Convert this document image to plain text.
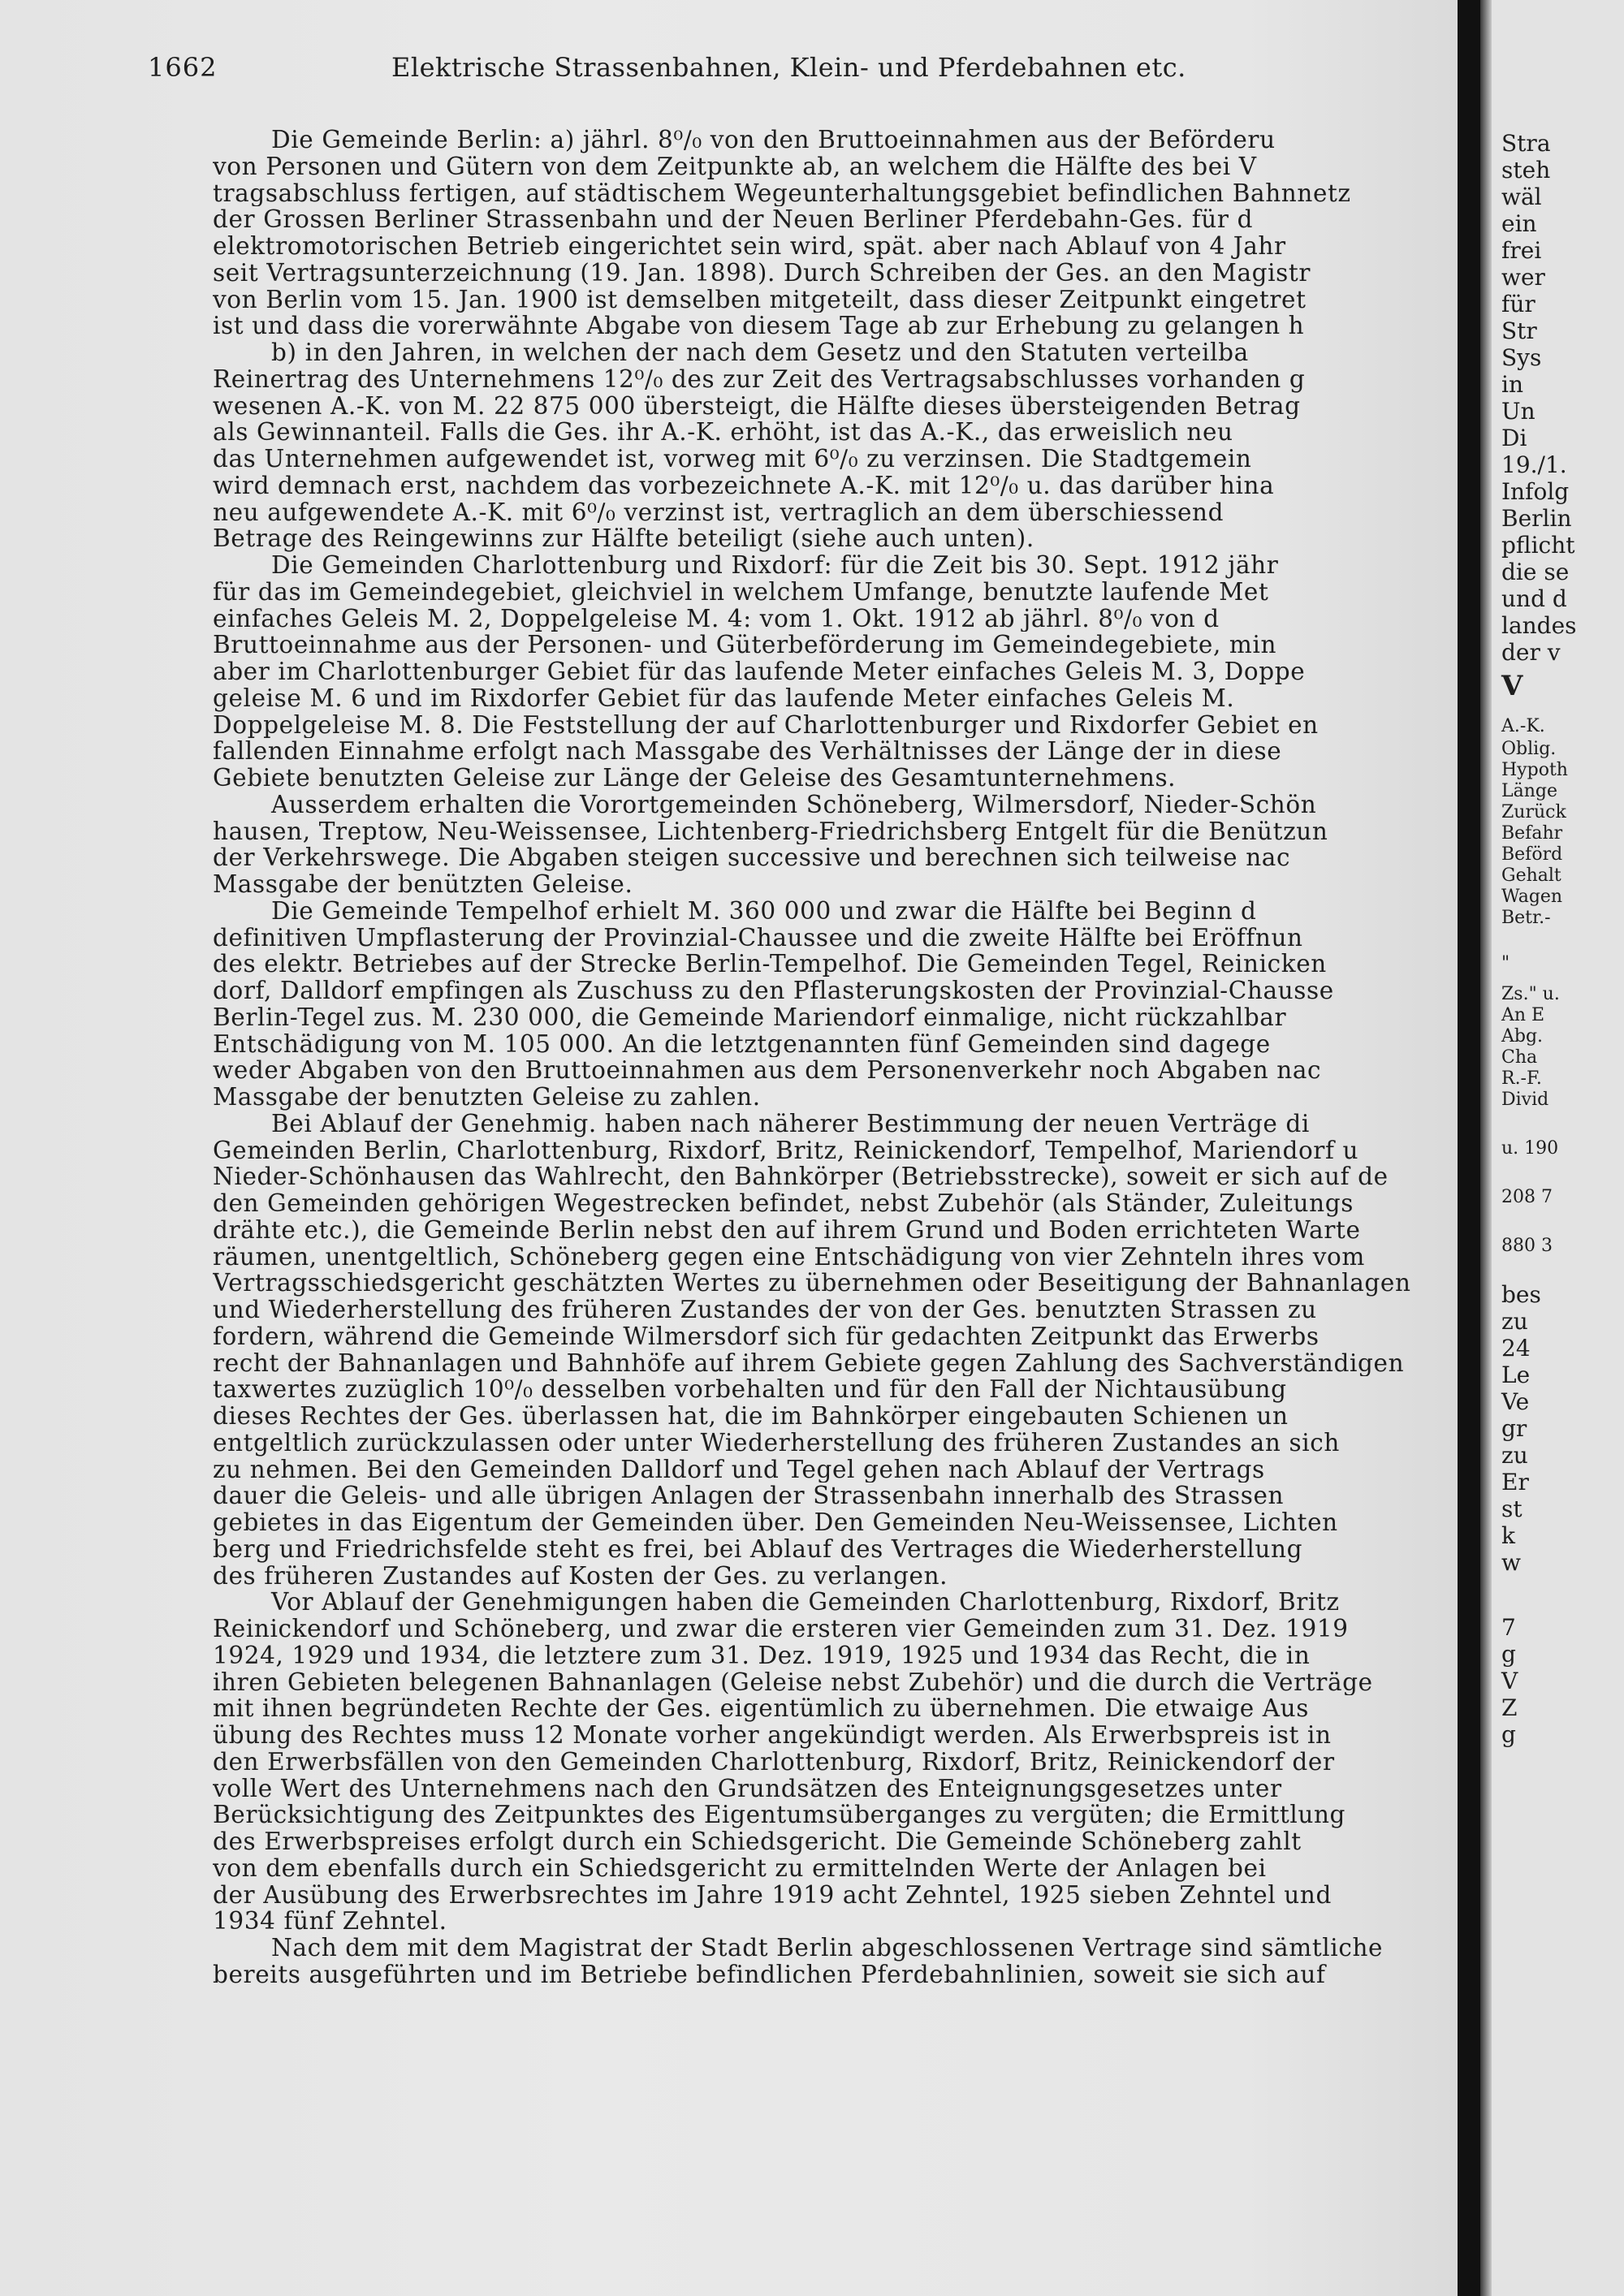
1662	Elektrische Strassenbahnen, Klein- und Pferdebahnen etc.
Die Gemeinde Berlin: a) jährl. 8⁰/₀ von den Bruttoeinnahmen aus der Beförderu
von Personen und Gütern von dem Zeitpunkte ab, an welchem die Hälfte des bei V
tragsabschluss fertigen, auf städtischem Wegeunterhaltungsgebiet befindlichen Bahnnetz
der Grossen Berliner Strassenbahn und der Neuen Berliner Pferdebahn-Ges. für d
elektromotorischen Betrieb eingerichtet sein wird, spät. aber nach Ablauf von 4 Jahr
seit Vertragsunterzeichnung (19. Jan. 1898). Durch Schreiben der Ges. an den Magistr
von Berlin vom 15. Jan. 1900 ist demselben mitgeteilt, dass dieser Zeitpunkt eingetret
ist und dass die vorerwähnte Abgabe von diesem Tage ab zur Erhebung zu gelangen h
b) in den Jahren, in welchen der nach dem Gesetz und den Statuten verteilba
Reinertrag des Unternehmens 12⁰/₀ des zur Zeit des Vertragsabschlusses vorhanden g
wesenen A.-K. von M. 22 875 000 übersteigt, die Hälfte dieses übersteigenden Betrag
als Gewinnanteil. Falls die Ges. ihr A.-K. erhöht, ist das A.-K., das erweislich neu
das Unternehmen aufgewendet ist, vorweg mit 6⁰/₀ zu verzinsen. Die Stadtgemein
wird demnach erst, nachdem das vorbezeichnete A.-K. mit 12⁰/₀ u. das darüber hina
neu aufgewendete A.-K. mit 6⁰/₀ verzinst ist, vertraglich an dem überschiessend
Betrage des Reingewinns zur Hälfte beteiligt (siehe auch unten).
Die Gemeinden Charlottenburg und Rixdorf: für die Zeit bis 30. Sept. 1912 jähr
für das im Gemeindegebiet, gleichviel in welchem Umfange, benutzte laufende Met
einfaches Geleis M. 2, Doppelgeleise M. 4: vom 1. Okt. 1912 ab jährl. 8⁰/₀ von d
Bruttoeinnahme aus der Personen- und Güterbeförderung im Gemeindegebiete, min
aber im Charlottenburger Gebiet für das laufende Meter einfaches Geleis M. 3, Doppe
geleise M. 6 und im Rixdorfer Gebiet für das laufende Meter einfaches Geleis M.
Doppelgeleise M. 8. Die Feststellung der auf Charlottenburger und Rixdorfer Gebiet en
fallenden Einnahme erfolgt nach Massgabe des Verhältnisses der Länge der in diese
Gebiete benutzten Geleise zur Länge der Geleise des Gesamtunternehmens.
Ausserdem erhalten die Vorortgemeinden Schöneberg, Wilmersdorf, Nieder-Schön
hausen, Treptow, Neu-Weissensee, Lichtenberg-Friedrichsberg Entgelt für die Benützun
der Verkehrswege. Die Abgaben steigen successive und berechnen sich teilweise nac
Massgabe der benützten Geleise.
Die Gemeinde Tempelhof erhielt M. 360 000 und zwar die Hälfte bei Beginn d
definitiven Umpflasterung der Provinzial-Chaussee und die zweite Hälfte bei Eröffnun
des elektr. Betriebes auf der Strecke Berlin-Tempelhof. Die Gemeinden Tegel, Reinicken
dorf, Dalldorf empfingen als Zuschuss zu den Pflasterungskosten der Provinzial-Chausse
Berlin-Tegel zus. M. 230 000, die Gemeinde Mariendorf einmalige, nicht rückzahlbar
Entschädigung von M. 105 000. An die letztgenannten fünf Gemeinden sind dagege
weder Abgaben von den Bruttoeinnahmen aus dem Personenverkehr noch Abgaben nac
Massgabe der benutzten Geleise zu zahlen.
Bei Ablauf der Genehmig. haben nach näherer Bestimmung der neuen Verträge di
Gemeinden Berlin, Charlottenburg, Rixdorf, Britz, Reinickendorf, Tempelhof, Mariendorf u
Nieder-Schönhausen das Wahlrecht, den Bahnkörper (Betriebsstrecke), soweit er sich auf de
den Gemeinden gehörigen Wegestrecken befindet, nebst Zubehör (als Ständer, Zuleitungs
drähte etc.), die Gemeinde Berlin nebst den auf ihrem Grund und Boden errichteten Warte
räumen, unentgeltlich, Schöneberg gegen eine Entschädigung von vier Zehnteln ihres vom
Vertragsschiedsgericht geschätzten Wertes zu übernehmen oder Beseitigung der Bahnanlagen
und Wiederherstellung des früheren Zustandes der von der Ges. benutzten Strassen zu
fordern, während die Gemeinde Wilmersdorf sich für gedachten Zeitpunkt das Erwerbs
recht der Bahnanlagen und Bahnhöfe auf ihrem Gebiete gegen Zahlung des Sachverständigen
taxwertes zuzüglich 10⁰/₀ desselben vorbehalten und für den Fall der Nichtausübung
dieses Rechtes der Ges. überlassen hat, die im Bahnkörper eingebauten Schienen un
entgeltlich zurückzulassen oder unter Wiederherstellung des früheren Zustandes an sich
zu nehmen. Bei den Gemeinden Dalldorf und Tegel gehen nach Ablauf der Vertrags
dauer die Geleis- und alle übrigen Anlagen der Strassenbahn innerhalb des Strassen
gebietes in das Eigentum der Gemeinden über. Den Gemeinden Neu-Weissensee, Lichten
berg und Friedrichsfelde steht es frei, bei Ablauf des Vertrages die Wiederherstellung
des früheren Zustandes auf Kosten der Ges. zu verlangen.
Vor Ablauf der Genehmigungen haben die Gemeinden Charlottenburg, Rixdorf, Britz
Reinickendorf und Schöneberg, und zwar die ersteren vier Gemeinden zum 31. Dez. 1919
1924, 1929 und 1934, die letztere zum 31. Dez. 1919, 1925 und 1934 das Recht, die in
ihren Gebieten belegenen Bahnanlagen (Geleise nebst Zubehör) und die durch die Verträge
mit ihnen begründeten Rechte der Ges. eigentümlich zu übernehmen. Die etwaige Aus
übung des Rechtes muss 12 Monate vorher angekündigt werden. Als Erwerbspreis ist in
den Erwerbsfällen von den Gemeinden Charlottenburg, Rixdorf, Britz, Reinickendorf der
volle Wert des Unternehmens nach den Grundsätzen des Enteignungsgesetzes unter
Berücksichtigung des Zeitpunktes des Eigentumsüberganges zu vergüten; die Ermittlung
des Erwerbspreises erfolgt durch ein Schiedsgericht. Die Gemeinde Schöneberg zahlt
von dem ebenfalls durch ein Schiedsgericht zu ermittelnden Werte der Anlagen bei
der Ausübung des Erwerbsrechtes im Jahre 1919 acht Zehntel, 1925 sieben Zehntel und
1934 fünf Zehntel.
Nach dem mit dem Magistrat der Stadt Berlin abgeschlossenen Vertrage sind sämtliche
bereits ausgeführten und im Betriebe befindlichen Pferdebahnlinien, soweit sie sich auf
Stra
steh
wäl
ein
frei
wer
für
Str
Sys
in
Un
Di
19./1.
Infolg
Berlin
pflicht
die se
und d
landes
der v
V
A.-K.
Oblig.
Hypoth
Länge
Zurück
Befahr
Beförd
Gehalt
Wagen
Betr.-
"
Zs." u.
An E
Abg.
Cha
R.-F.
Divid
u. 190
208 7
880 3
bes
zu
24
Le
Ve
gr
zu
Er
st
k
w
7
g
V
Z
g
